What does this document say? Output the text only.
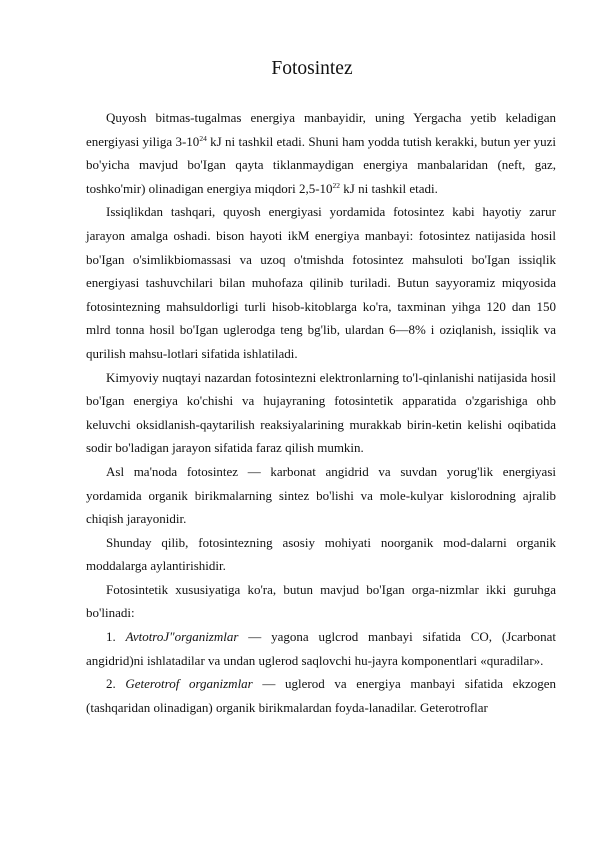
Fotosintez

Quyosh bitmas-tugalmas energiya manbayidir, uning Yergacha yetib keladigan energiyasi yiliga $3-10^{24}$ kJ ni tashkil etadi. Shuni ham yodda tutish kerakki, butun yer yuzi bo'yicha mavjud bo'Igan qayta tiklanmaydigan energiya manbalaridan (neft, gaz, toshko'mir) olinadigan energiya miqdori $2,5-10^{22}$ kJ ni tashkil etadi.

Issiqlikdan tashqari, quyosh energiyasi yordamida fotosintez kabi hayotiy zarur jarayon amalga oshadi. bison hayoti ikM energiya manbayi: fotosintez natijasida hosil bo'Igan o'simlikbiomassasi va uzoq o'tmishda fotosintez mahsuloti bo'Igan issiqlik energiyasi tashuvchilari bilan muhofaza qilinib turiladi. Butun sayyoramiz miqyosida fotosintezning mahsuldorligi turli hisob-kitoblarga ko'ra, taxminan yihga 120 dan 150 mlrd tonna hosil bo'Igan uglerodga teng bg'lib, ulardan 6—8% i oziqlanish, issiqlik va qurilish mahsu-lotlari sifatida ishlatiladi.

Kimyoviy nuqtayi nazardan fotosintezni elektronlarning to'l-qinlanishi natijasida hosil bo'Igan energiya ko'chishi va hujayraning fotosintetik apparatida o'zgarishiga ohb keluvchi oksidlanish-qaytarilish reaksiyalarining murakkab birin-ketin kelishi oqibatida sodir bo'ladigan jarayon sifatida faraz qilish mumkin.

Asl ma'noda fotosintez — karbonat angidrid va suvdan yorug'lik energiyasi yordamida organik birikmalarning sintez bo'lishi va mole-kulyar kislorodning ajralib chiqish jarayonidir.

Shunday qilib, fotosintezning asosiy mohiyati noorganik mod-dalarni organik moddalarga aylantirishidir.

Fotosintetik xususiyatiga ko'ra, butun mavjud bo'Igan orga-nizmlar ikki guruhga bo'linadi:

1. AvtotroJ"organizmlar — yagona uglcrod manbayi sifatida CO, (Jcarbonat angidrid)ni ishlatadilar va undan uglerod saqlovchi hu-jayra komponentlari «quradilar».

2. Geterotrof organizmlar — uglerod va energiya manbayi sifatida ekzogen (tashqaridan olinadigan) organik birikmalardan foyda-lanadilar. Geterotroflar
